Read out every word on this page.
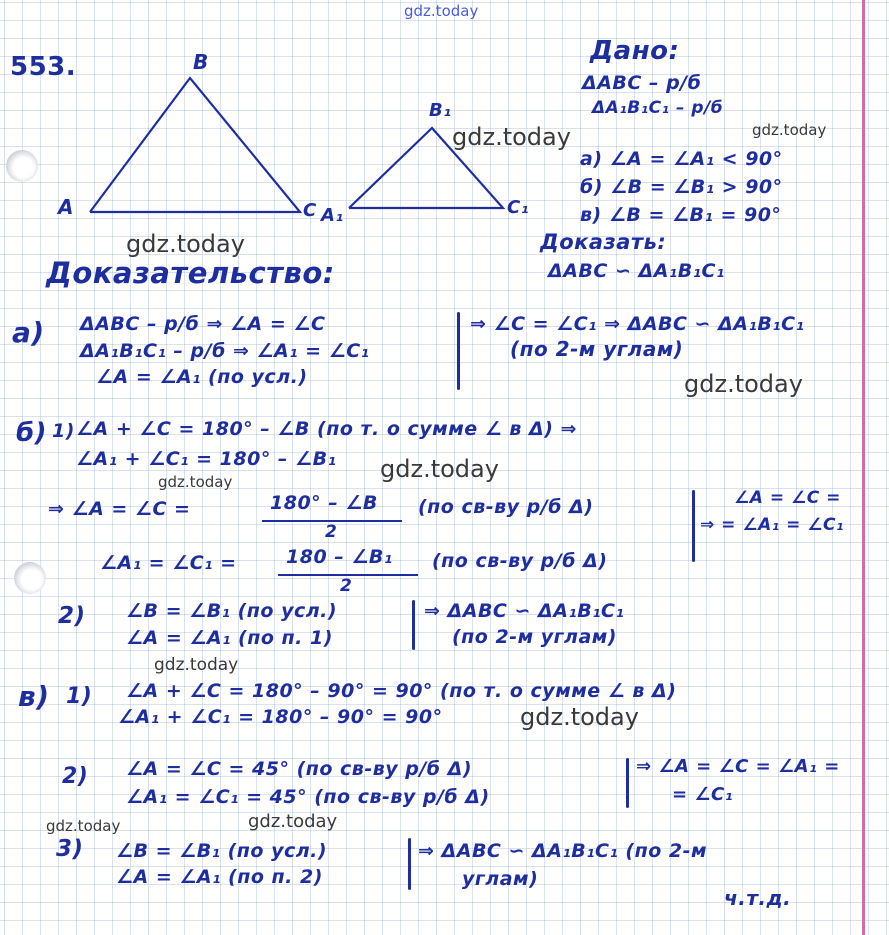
gdz.today
553.	B
A	C
B₁
A₁	C₁
Дано:
ΔABC – р/б
ΔA₁B₁C₁ – р/б
а) ∠A = ∠A₁ < 90°
б) ∠B = ∠B₁ > 90°
в) ∠B = ∠B₁ = 90°
Доказать:
ΔABC ∽ ΔA₁B₁C₁
Доказательство:
а) ΔABC – р/б ⇒ ∠A = ∠C
ΔA₁B₁C₁ – р/б ⇒ ∠A₁ = ∠C₁
∠A = ∠A₁ (по усл.)
⇒ ∠C = ∠C₁ ⇒ ΔABC ∽ ΔA₁B₁C₁
(по 2-м углам)
б) 1) ∠A + ∠C = 180° – ∠B (по т. о сумме ∠ в Δ) ⇒
∠A₁ + ∠C₁ = 180° – ∠B₁
⇒ ∠A = ∠C =	180° – ∠B
2
(по св-ву р/б Δ)
∠A₁ = ∠C₁ =	180 – ∠B₁
2
(по св-ву р/б Δ)
∠A = ∠C =
⇒ = ∠A₁ = ∠C₁
2) ∠B = ∠B₁ (по усл.)
∠A = ∠A₁ (по п. 1)
⇒ ΔABC ∽ ΔA₁B₁C₁
(по 2-м углам)
в) 1) ∠A + ∠C = 180° – 90° = 90° (по т. о сумме ∠ в Δ)
∠A₁ + ∠C₁ = 180° – 90° = 90°
2) ∠A = ∠C = 45° (по св-ву р/б Δ)
∠A₁ = ∠C₁ = 45° (по св-ву р/б Δ)
⇒ ∠A = ∠C = ∠A₁ =
= ∠C₁
3) ∠B = ∠B₁ (по усл.)
∠A = ∠A₁ (по п. 2)
⇒ ΔABC ∽ ΔA₁B₁C₁ (по 2-м
углам)
ч.т.д.
gdz.today	gdz.today
gdz.today
gdz.today
gdz.today
gdz.today
gdz.today
gdz.today
gdz.today	gdz.today
